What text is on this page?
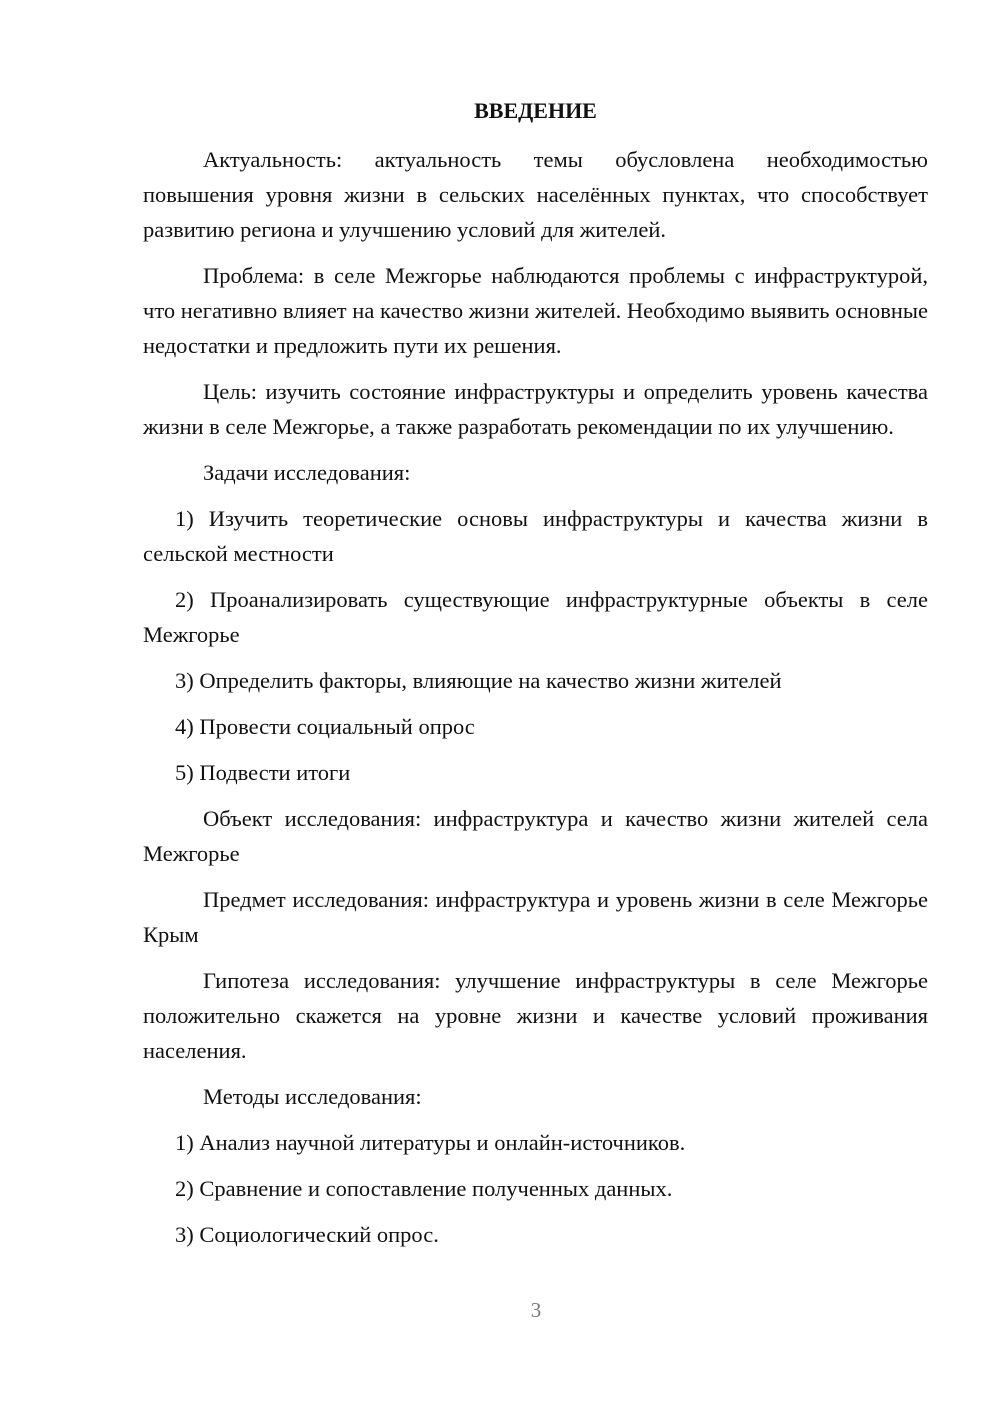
ВВЕДЕНИЕ

Актуальность: актуальность темы обусловлена необходимостью повышения уровня жизни в сельских населённых пунктах, что способствует развитию региона и улучшению условий для жителей.

Проблема: в селе Межгорье наблюдаются проблемы с инфраструктурой, что негативно влияет на качество жизни жителей. Необходимо выявить основные недостатки и предложить пути их решения.

Цель: изучить состояние инфраструктуры и определить уровень качества жизни в селе Межгорье, а также разработать рекомендации по их улучшению.

Задачи исследования:

1) Изучить теоретические основы инфраструктуры и качества жизни в сельской местности

2) Проанализировать существующие инфраструктурные объекты в селе Межгорье

3) Определить факторы, влияющие на качество жизни жителей

4) Провести социальный опрос

5) Подвести итоги

Объект исследования: инфраструктура и качество жизни жителей села Межгорье

Предмет исследования: инфраструктура и уровень жизни в селе Межгорье Крым

Гипотеза исследования: улучшение инфраструктуры в селе Межгорье положительно скажется на уровне жизни и качестве условий проживания населения.

Методы исследования:

1) Анализ научной литературы и онлайн-источников.

2) Сравнение и сопоставление полученных данных.

3) Социологический опрос.

3
